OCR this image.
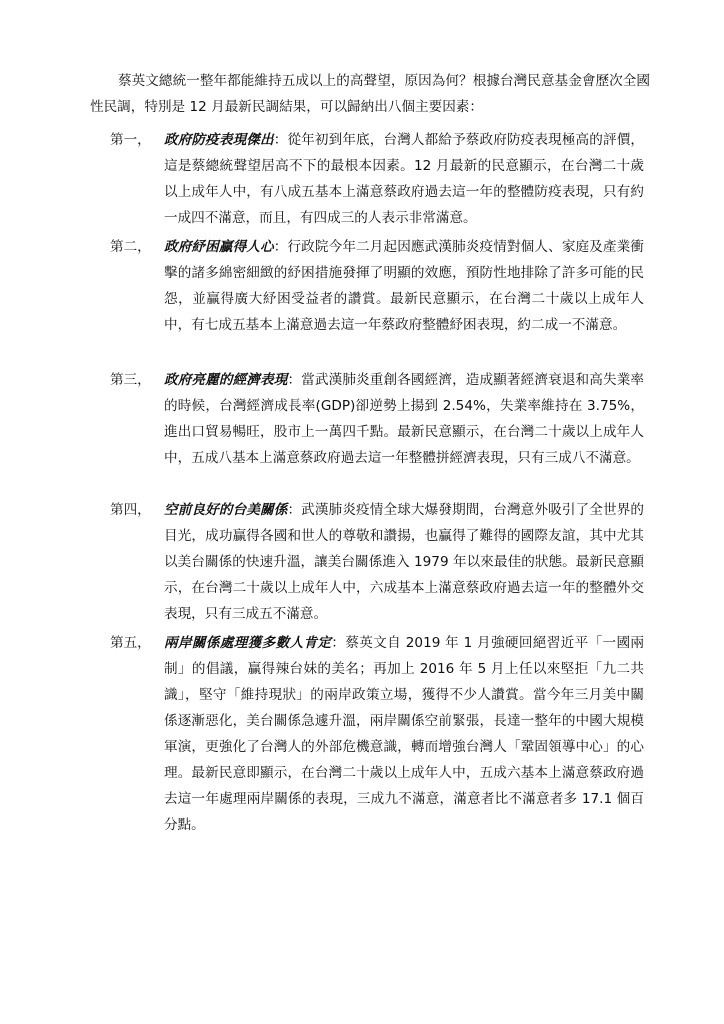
蔡英文總統一整年都能維持五成以上的高聲望，原因為何？根據台灣民意基金會歷次全國性民調，特別是 12 月最新民調結果，可以歸納出八個主要因素：

第一， 政府防疫表現傑出：從年初到年底，台灣人都給予蔡政府防疫表現極高的評價，這是蔡總統聲望居高不下的最根本因素。12 月最新的民意顯示，在台灣二十歲以上成年人中，有八成五基本上滿意蔡政府過去這一年的整體防疫表現，只有約一成四不滿意，而且，有四成三的人表示非常滿意。
第二， 政府紓困贏得人心：行政院今年二月起因應武漢肺炎疫情對個人、家庭及產業衝擊的諸多綿密細緻的紓困措施發揮了明顯的效應，預防性地排除了許多可能的民怨，並贏得廣大紓困受益者的讚賞。最新民意顯示，在台灣二十歲以上成年人中，有七成五基本上滿意過去這一年蔡政府整體紓困表現，約二成一不滿意。
第三， 政府亮麗的經濟表現：當武漢肺炎重創各國經濟，造成顯著經濟衰退和高失業率的時候，台灣經濟成長率(GDP)卻逆勢上揚到 2.54%，失業率維持在 3.75%，進出口貿易暢旺，股市上一萬四千點。最新民意顯示，在台灣二十歲以上成年人中，五成八基本上滿意蔡政府過去這一年整體拼經濟表現，只有三成八不滿意。
第四， 空前良好的台美關係：武漢肺炎疫情全球大爆發期間，台灣意外吸引了全世界的目光，成功贏得各國和世人的尊敬和讚揚，也贏得了難得的國際友誼，其中尤其以美台關係的快速升溫，讓美台關係進入 1979 年以來最佳的狀態。最新民意顯示，在台灣二十歲以上成年人中，六成基本上滿意蔡政府過去這一年的整體外交表現，只有三成五不滿意。
第五， 兩岸關係處理獲多數人肯定：蔡英文自 2019 年 1 月強硬回絕習近平「一國兩制」的倡議，贏得辣台妹的美名；再加上 2016 年 5 月上任以來堅拒「九二共識」，堅守「維持現狀」的兩岸政策立場，獲得不少人讚賞。當今年三月美中關係逐漸惡化，美台關係急遽升溫，兩岸關係空前緊張，長達一整年的中國大規模軍演，更強化了台灣人的外部危機意識，轉而增強台灣人「鞏固領導中心」的心理。最新民意即顯示，在台灣二十歲以上成年人中，五成六基本上滿意蔡政府過去這一年處理兩岸關係的表現，三成九不滿意，滿意者比不滿意者多 17.1 個百分點。
